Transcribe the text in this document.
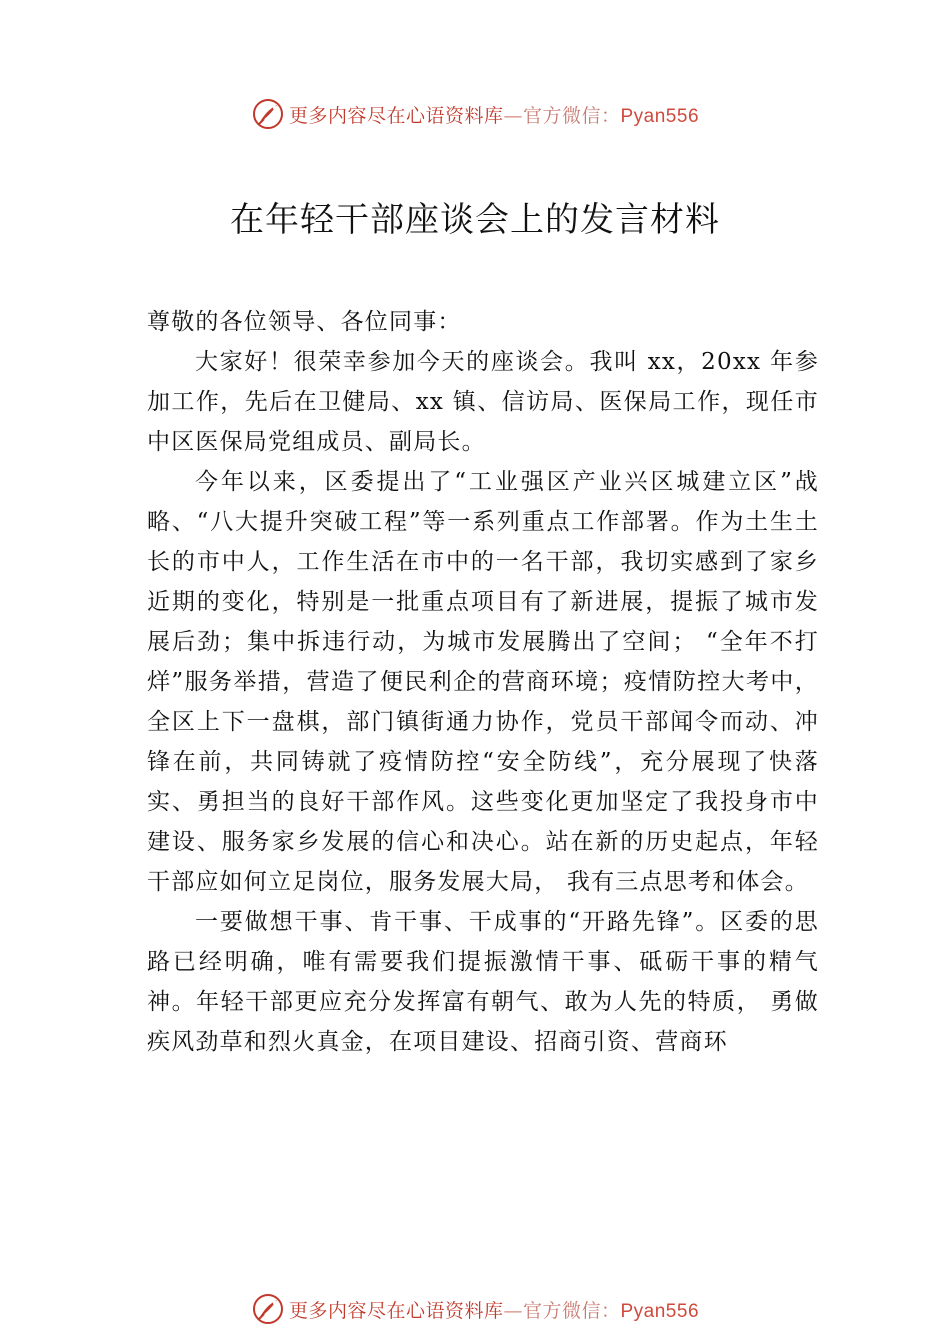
更多内容尽在心语资料库—官方微信：Pyan556
在年轻干部座谈会上的发言材料

尊敬的各位领导、各位同事：

大家好！很荣幸参加今天的座谈会。我叫 xx，20xx 年参加工作，先后在卫健局、xx 镇、信访局、医保局工作，现任市中区医保局党组成员、副局长。

今年以来，区委提出了“工业强区产业兴区城建立区”战略、“八大提升突破工程”等一系列重点工作部署。作为土生土长的市中人，工作生活在市中的一名干部，我切实感到了家乡近期的变化，特别是一批重点项目有了新进展，提振了城市发展后劲；集中拆违行动，为城市发展腾出了空间； “全年不打烊”服务举措，营造了便民利企的营商环境；疫情防控大考中，全区上下一盘棋，部门镇街通力协作，党员干部闻令而动、冲锋在前，共同铸就了疫情防控“安全防线”，充分展现了快落实、勇担当的良好干部作风。这些变化更加坚定了我投身市中建设、服务家乡发展的信心和决心。站在新的历史起点，年轻干部应如何立足岗位，服务发展大局， 我有三点思考和体会。

一要做想干事、肯干事、干成事的“开路先锋”。区委的思路已经明确，唯有需要我们提振激情干事、砥砺干事的精气神。年轻干部更应充分发挥富有朝气、敢为人先的特质， 勇做疾风劲草和烈火真金，在项目建设、招商引资、营商环

更多内容尽在心语资料库—官方微信：Pyan556
